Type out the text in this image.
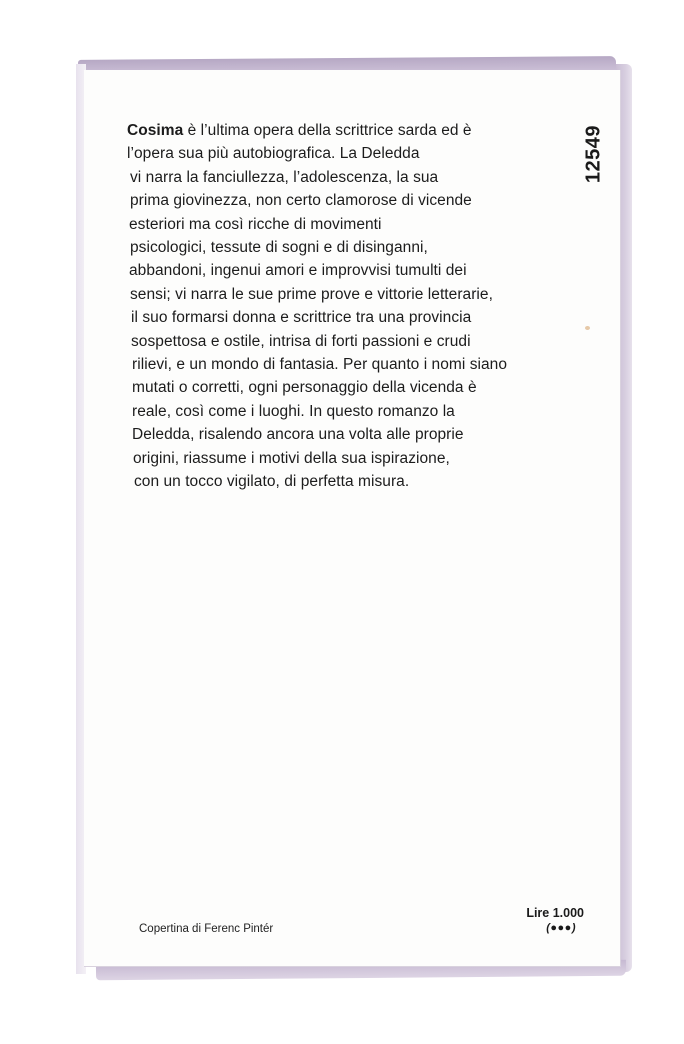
12549

Cosima è l’ultima opera della scrittrice sarda ed è
l’opera sua più autobiografica. La Deledda
vi narra la fanciullezza, l’adolescenza, la sua
prima giovinezza, non certo clamorose di vicende
esteriori ma così ricche di movimenti
psicologici, tessute di sogni e di disinganni,
abbandoni, ingenui amori e improvvisi tumulti dei
sensi; vi narra le sue prime prove e vittorie letterarie,
il suo formarsi donna e scrittrice tra una provincia
sospettosa e ostile, intrisa di forti passioni e crudi
rilievi, e un mondo di fantasia. Per quanto i nomi siano
mutati o corretti, ogni personaggio della vicenda è
reale, così come i luoghi. In questo romanzo la
Deledda, risalendo ancora una volta alle proprie
origini, riassume i motivi della sua ispirazione,
con un tocco vigilato, di perfetta misura.

Copertina di Ferenc Pintér
Lire 1.000
(●●●)
